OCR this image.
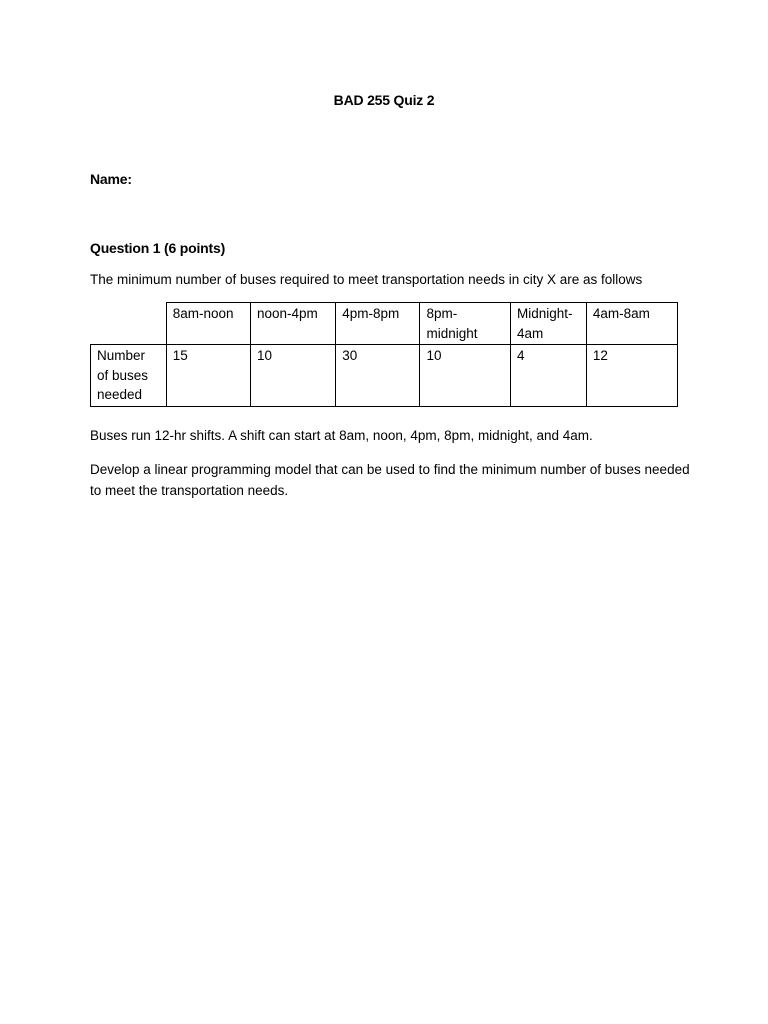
BAD 255 Quiz 2
Name:
Question 1 (6 points)
The minimum number of buses required to meet transportation needs in city X are as follows
	8am-noon	noon-4pm	4pm-8pm	8pm-midnight	Midnight-4am	4am-8am
Number of buses needed	15	10	30	10	4	12
Buses run 12-hr shifts. A shift can start at 8am, noon, 4pm, 8pm, midnight, and 4am.
Develop a linear programming model that can be used to find the minimum number of buses needed to meet the transportation needs.
